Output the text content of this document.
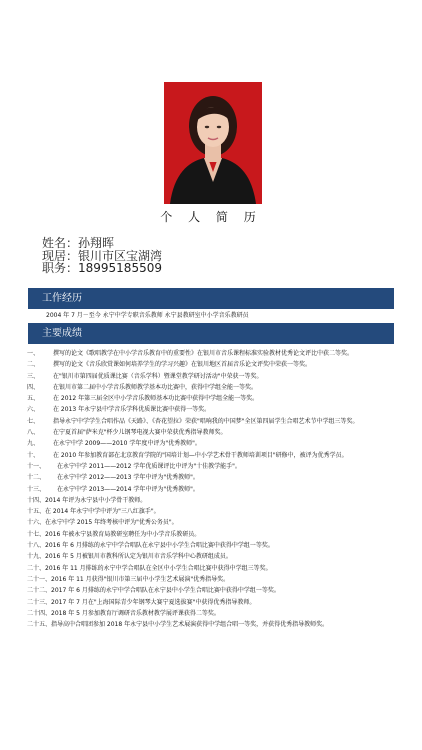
个 人 简 历
姓名：孙翔晖
现居：银川市区宝湖湾
职务：18995185509
工作经历
2004 年 7 月－至今 永宁中学专职音乐教师 永宁县教研室中小学音乐教研员
主要成绩
一、	撰写的论文《歌唱教学在中小学音乐教育中的重要性》在银川市音乐课程标准实验教材优秀论文评比中获二等奖。
二、	撰写的论文《音乐欣赏课如何培养学生的学习兴趣》在银川地区首届音乐论文评奖中荣获一等奖。
三、	在"银川市第四届优质课比赛（音乐学科）暨课堂教学研讨活动"中荣获一等奖。
四、	在银川市第二届中小学音乐教师教学基本功比赛中，获得中学组全能一等奖。
五、	在 2012 年第三届全区中小学音乐教师基本功比赛中获得中学组全能一等奖。
六、	在 2013 年永宁县中学音乐学科优质课比赛中获得一等奖。
七、	指导永宁中学学生合唱作品《天路》、《杏花望拉》荣获"唱响我的中国梦"全区第四届学生合唱艺术节中学组三等奖。
八、	在宁夏首届"萨米克"杯少儿钢琴电视大赛中荣获优秀指导教师奖。
九、	在永宁中学 2009——2010 学年度中评为"优秀教师"。
十、	在 2010 年参加教育部在北京教育学院的"国培计划—中小学艺术骨干教师培训项目"研修中，被评为优秀学员。
十一、	在永宁中学 2011——2012 学年优质课评比中评为"十佳教学能手"。
十二、	在永宁中学 2012——2013 学年中评为"优秀教师"。
十三、	在永宁中学 2013——2014 学年中评为"优秀教师"。
十四、 2014 年评为永宁县中小学骨干教师。
十五、 在 2014 年永宁中学中评为"三八红旗手"。
十六、 在永宁中学 2015 年终考核中评为"优秀公务员"。
十七、 2016 年被永宁县教育局教研室聘任为中小学音乐教研员。
十八、 2016 年 6 月排练的永宁中学合唱队在永宁县中小学生合唱比赛中获得中学组一等奖。
十九、 2016 年 5 月被银川市教科所认定为银川市音乐学科中心教研组成员。
二十、 2016 年 11 月排练的永宁中学合唱队在全区中小学生合唱比赛中获得中学组三等奖。
二十一、 2016 年 11 月获得"银川市第三届中小学生艺术展演"优秀指导奖。
二十二、 2017 年 6 月排练的永宁中学合唱队在永宁县中小学生合唱比赛中获得中学组一等奖。
二十三、 2017 年 7 月在"上海国际青少年钢琴大赛宁夏选拔赛"中获得优秀指导教师。
二十四、 2018 年 5 月参加教育厅调研音乐教材教学展评课获得二等奖。
二十五、 指导高中合唱团参加 2018 年永宁县中小学生艺术展演获得中学组合唱一等奖，并获得优秀指导教师奖。
